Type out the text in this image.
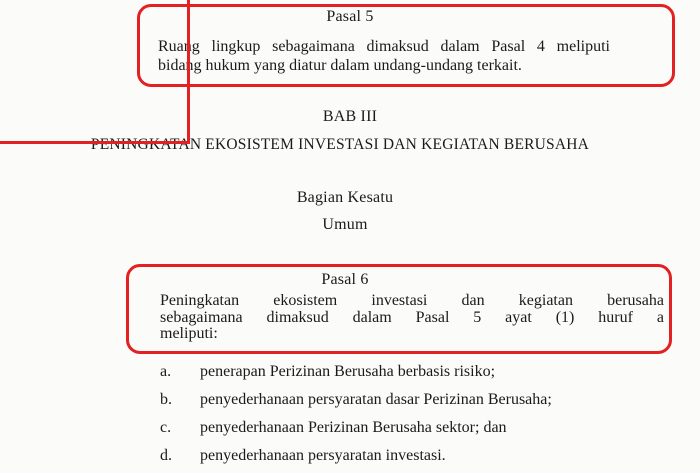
Pasal 5
Ruang lingkup sebagaimana dimaksud dalam Pasal 4 meliputi
bidang hukum yang diatur dalam undang-undang terkait.
BAB III
PENINGKATAN EKOSISTEM INVESTASI DAN KEGIATAN BERUSAHA
Bagian Kesatu
Umum
Pasal 6
Peningkatan ekosistem investasi dan kegiatan berusaha
sebagaimana dimaksud dalam Pasal 5 ayat (1) huruf a
meliputi:
a.	penerapan Perizinan Berusaha berbasis risiko;
b.	penyederhanaan persyaratan dasar Perizinan Berusaha;
c.	penyederhanaan Perizinan Berusaha sektor; dan
d.	penyederhanaan persyaratan investasi.
